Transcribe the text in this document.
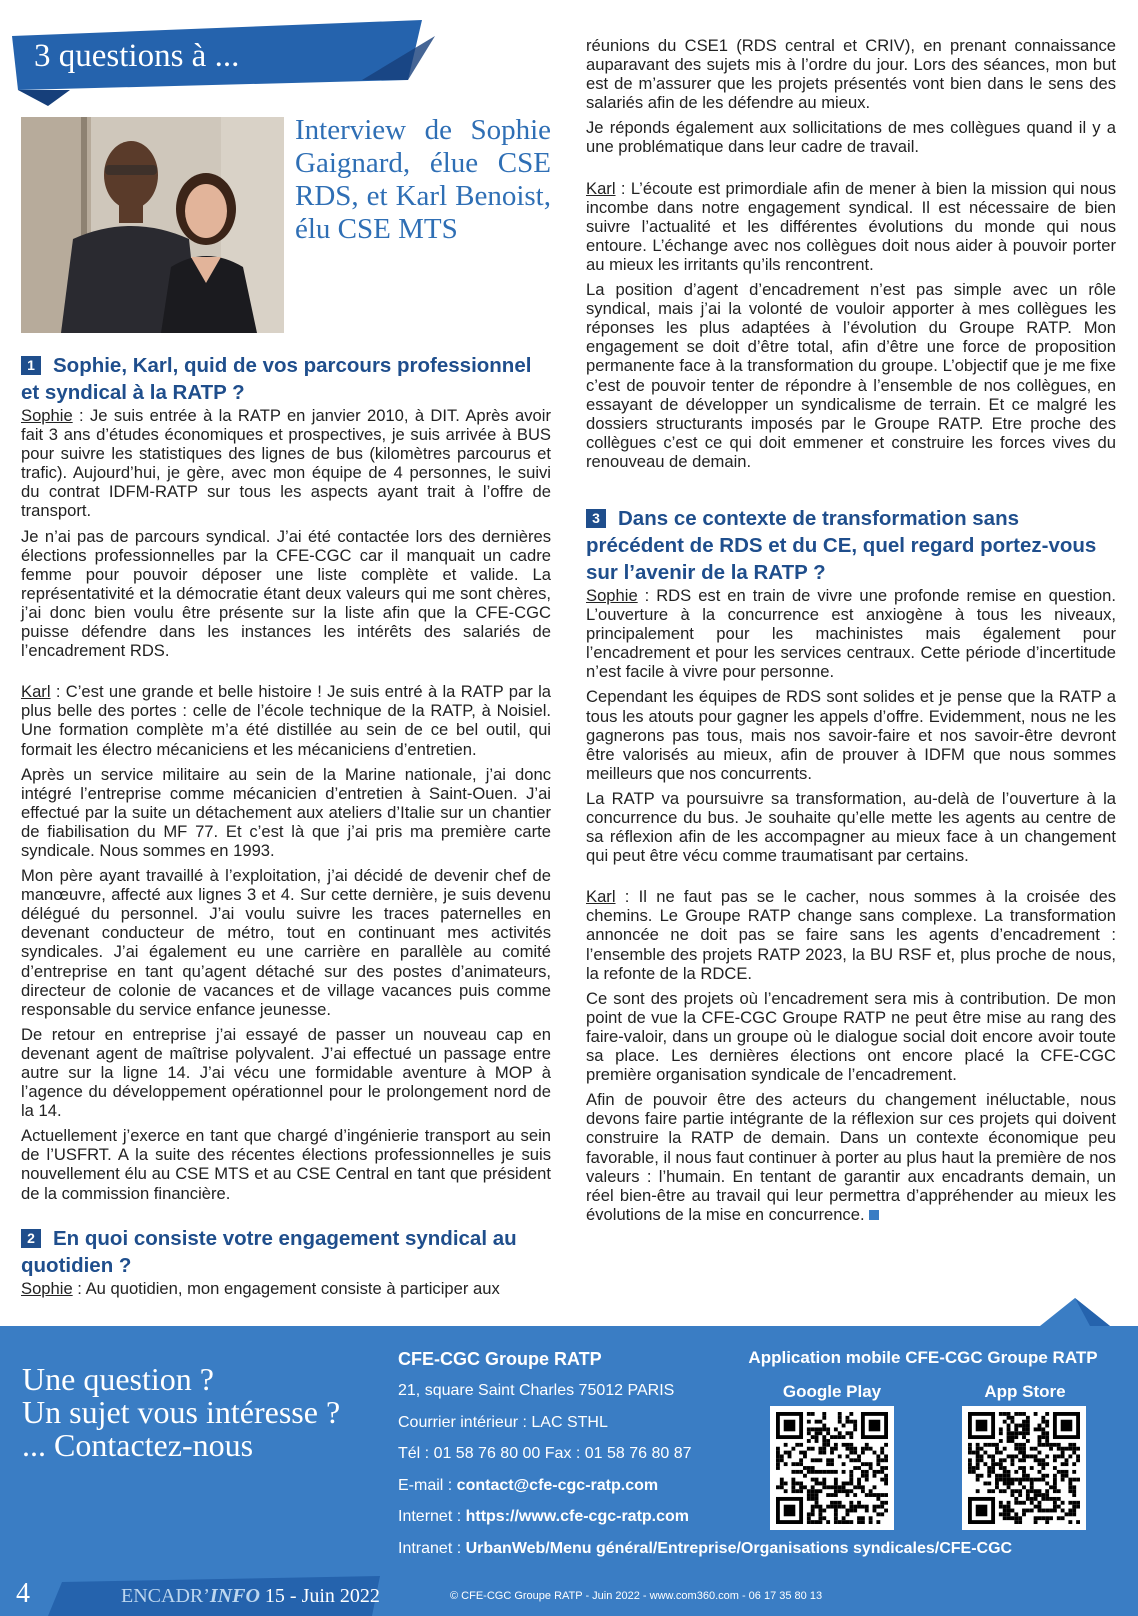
3 questions à ...
Interview de Sophie Gaignard, élue CSE RDS, et Karl Benoist, élu CSE MTS
1 Sophie, Karl, quid de vos parcours professionnel et syndical à la RATP ?

Sophie : Je suis entrée à la RATP en janvier 2010, à DIT. Après avoir fait 3 ans d’études économiques et prospectives, je suis arrivée à BUS pour suivre les statistiques des lignes de bus (kilomètres parcourus et trafic). Aujourd’hui, je gère, avec mon équipe de 4 personnes, le suivi du contrat IDFM-RATP sur tous les aspects ayant trait à l’offre de transport.

Je n’ai pas de parcours syndical. J’ai été contactée lors des dernières élections professionnelles par la CFE-CGC car il manquait un cadre femme pour pouvoir déposer une liste complète et valide. La représentativité et la démocratie étant deux valeurs qui me sont chères, j’ai donc bien voulu être présente sur la liste afin que la CFE-CGC puisse défendre dans les instances les intérêts des salariés de l’encadrement RDS.

Karl : C’est une grande et belle histoire ! Je suis entré à la RATP par la plus belle des portes : celle de l’école technique de la RATP, à Noisiel. Une formation complète m’a été distillée au sein de ce bel outil, qui formait les électro mécaniciens et les mécaniciens d’entretien.

Après un service militaire au sein de la Marine nationale, j’ai donc intégré l’entreprise comme mécanicien d’entretien à Saint-Ouen. J’ai effectué par la suite un détachement aux ateliers d’Italie sur un chantier de fiabilisation du MF 77. Et c’est là que j’ai pris ma première carte syndicale. Nous sommes en 1993.

Mon père ayant travaillé à l’exploitation, j’ai décidé de devenir chef de manœuvre, affecté aux lignes 3 et 4. Sur cette dernière, je suis devenu délégué du personnel. J’ai voulu suivre les traces paternelles en devenant conducteur de métro, tout en continuant mes activités syndicales. J’ai également eu une carrière en parallèle au comité d’entreprise en tant qu’agent détaché sur des postes d’animateurs, directeur de colonie de vacances et de village vacances puis comme responsable du service enfance jeunesse.

De retour en entreprise j’ai essayé de passer un nouveau cap en devenant agent de maîtrise polyvalent. J’ai effectué un passage entre autre sur la ligne 14. J’ai vécu une formidable aventure à MOP à l’agence du développement opérationnel pour le prolongement nord de la 14.

Actuellement j’exerce en tant que chargé d’ingénierie transport au sein de l’USFRT. A la suite des récentes élections professionnelles je suis nouvellement élu au CSE MTS et au CSE Central en tant que président de la commission financière.

2 En quoi consiste votre engagement syndical au quotidien ?

Sophie : Au quotidien, mon engagement consiste à participer aux

réunions du CSE1 (RDS central et CRIV), en prenant connaissance auparavant des sujets mis à l’ordre du jour. Lors des séances, mon but est de m’assurer que les projets présentés vont bien dans le sens des salariés afin de les défendre au mieux.

Je réponds également aux sollicitations de mes collègues quand il y a une problématique dans leur cadre de travail.

Karl : L’écoute est primordiale afin de mener à bien la mission qui nous incombe dans notre engagement syndical. Il est nécessaire de bien suivre l’actualité et les différentes évolutions du monde qui nous entoure. L’échange avec nos collègues doit nous aider à pouvoir porter au mieux les irritants qu’ils rencontrent.

La position d’agent d’encadrement n’est pas simple avec un rôle syndical, mais j’ai la volonté de vouloir apporter à mes collègues les réponses les plus adaptées à l’évolution du Groupe RATP. Mon engagement se doit d’être total, afin d’être une force de proposition permanente face à la transformation du groupe. L’objectif que je me fixe c’est de pouvoir tenter de répondre à l’ensemble de nos collègues, en essayant de développer un syndicalisme de terrain. Et ce malgré les dossiers structurants imposés par le Groupe RATP. Etre proche des collègues c’est ce qui doit emmener et construire les forces vives du renouveau de demain.

3 Dans ce contexte de transformation sans précédent de RDS et du CE, quel regard portez-vous sur l’avenir de la RATP ?

Sophie : RDS est en train de vivre une profonde remise en question. L’ouverture à la concurrence est anxiogène à tous les niveaux, principalement pour les machinistes mais également pour l’encadrement et pour les services centraux. Cette période d’incertitude n’est facile à vivre pour personne.

Cependant les équipes de RDS sont solides et je pense que la RATP a tous les atouts pour gagner les appels d’offre. Evidemment, nous ne les gagnerons pas tous, mais nos savoir-faire et nos savoir-être devront être valorisés au mieux, afin de prouver à IDFM que nous sommes meilleurs que nos concurrents.

La RATP va poursuivre sa transformation, au-delà de l’ouverture à la concurrence du bus. Je souhaite qu’elle mette les agents au centre de sa réflexion afin de les accompagner au mieux face à un changement qui peut être vécu comme traumatisant par certains.

Karl : Il ne faut pas se le cacher, nous sommes à la croisée des chemins. Le Groupe RATP change sans complexe. La transformation annoncée ne doit pas se faire sans les agents d’encadrement : l’ensemble des projets RATP 2023, la BU RSF et, plus proche de nous, la refonte de la RDCE.

Ce sont des projets où l’encadrement sera mis à contribution. De mon point de vue la CFE-CGC Groupe RATP ne peut être mise au rang des faire-valoir, dans un groupe où le dialogue social doit encore avoir toute sa place. Les dernières élections ont encore placé la CFE-CGC première organisation syndicale de l’encadrement.

Afin de pouvoir être des acteurs du changement inéluctable, nous devons faire partie intégrante de la réflexion sur ces projets qui doivent construire la RATP de demain. Dans un contexte économique peu favorable, il nous faut continuer à porter au plus haut la première de nos valeurs : l’humain. En tentant de garantir aux encadrants demain, un réel bien-être au travail qui leur permettra d’appréhender au mieux les évolutions de la mise en concurrence.

Une question ?
Un sujet vous intéresse ?
... Contactez-nous
CFE-CGC Groupe RATP
21, square Saint Charles 75012 PARIS
Courrier intérieur : LAC STHL
Tél : 01 58 76 80 00 Fax : 01 58 76 80 87
E-mail : contact@cfe-cgc-ratp.com
Internet : https://www.cfe-cgc-ratp.com
Intranet : UrbanWeb/Menu général/Entreprise/Organisations syndicales/CFE-CGC
Application mobile CFE-CGC Groupe RATP
Google Play	App Store
4	ENCADR’INFO 15 - Juin 2022	© CFE-CGC Groupe RATP - Juin 2022 - www.com360.com - 06 17 35 80 13
